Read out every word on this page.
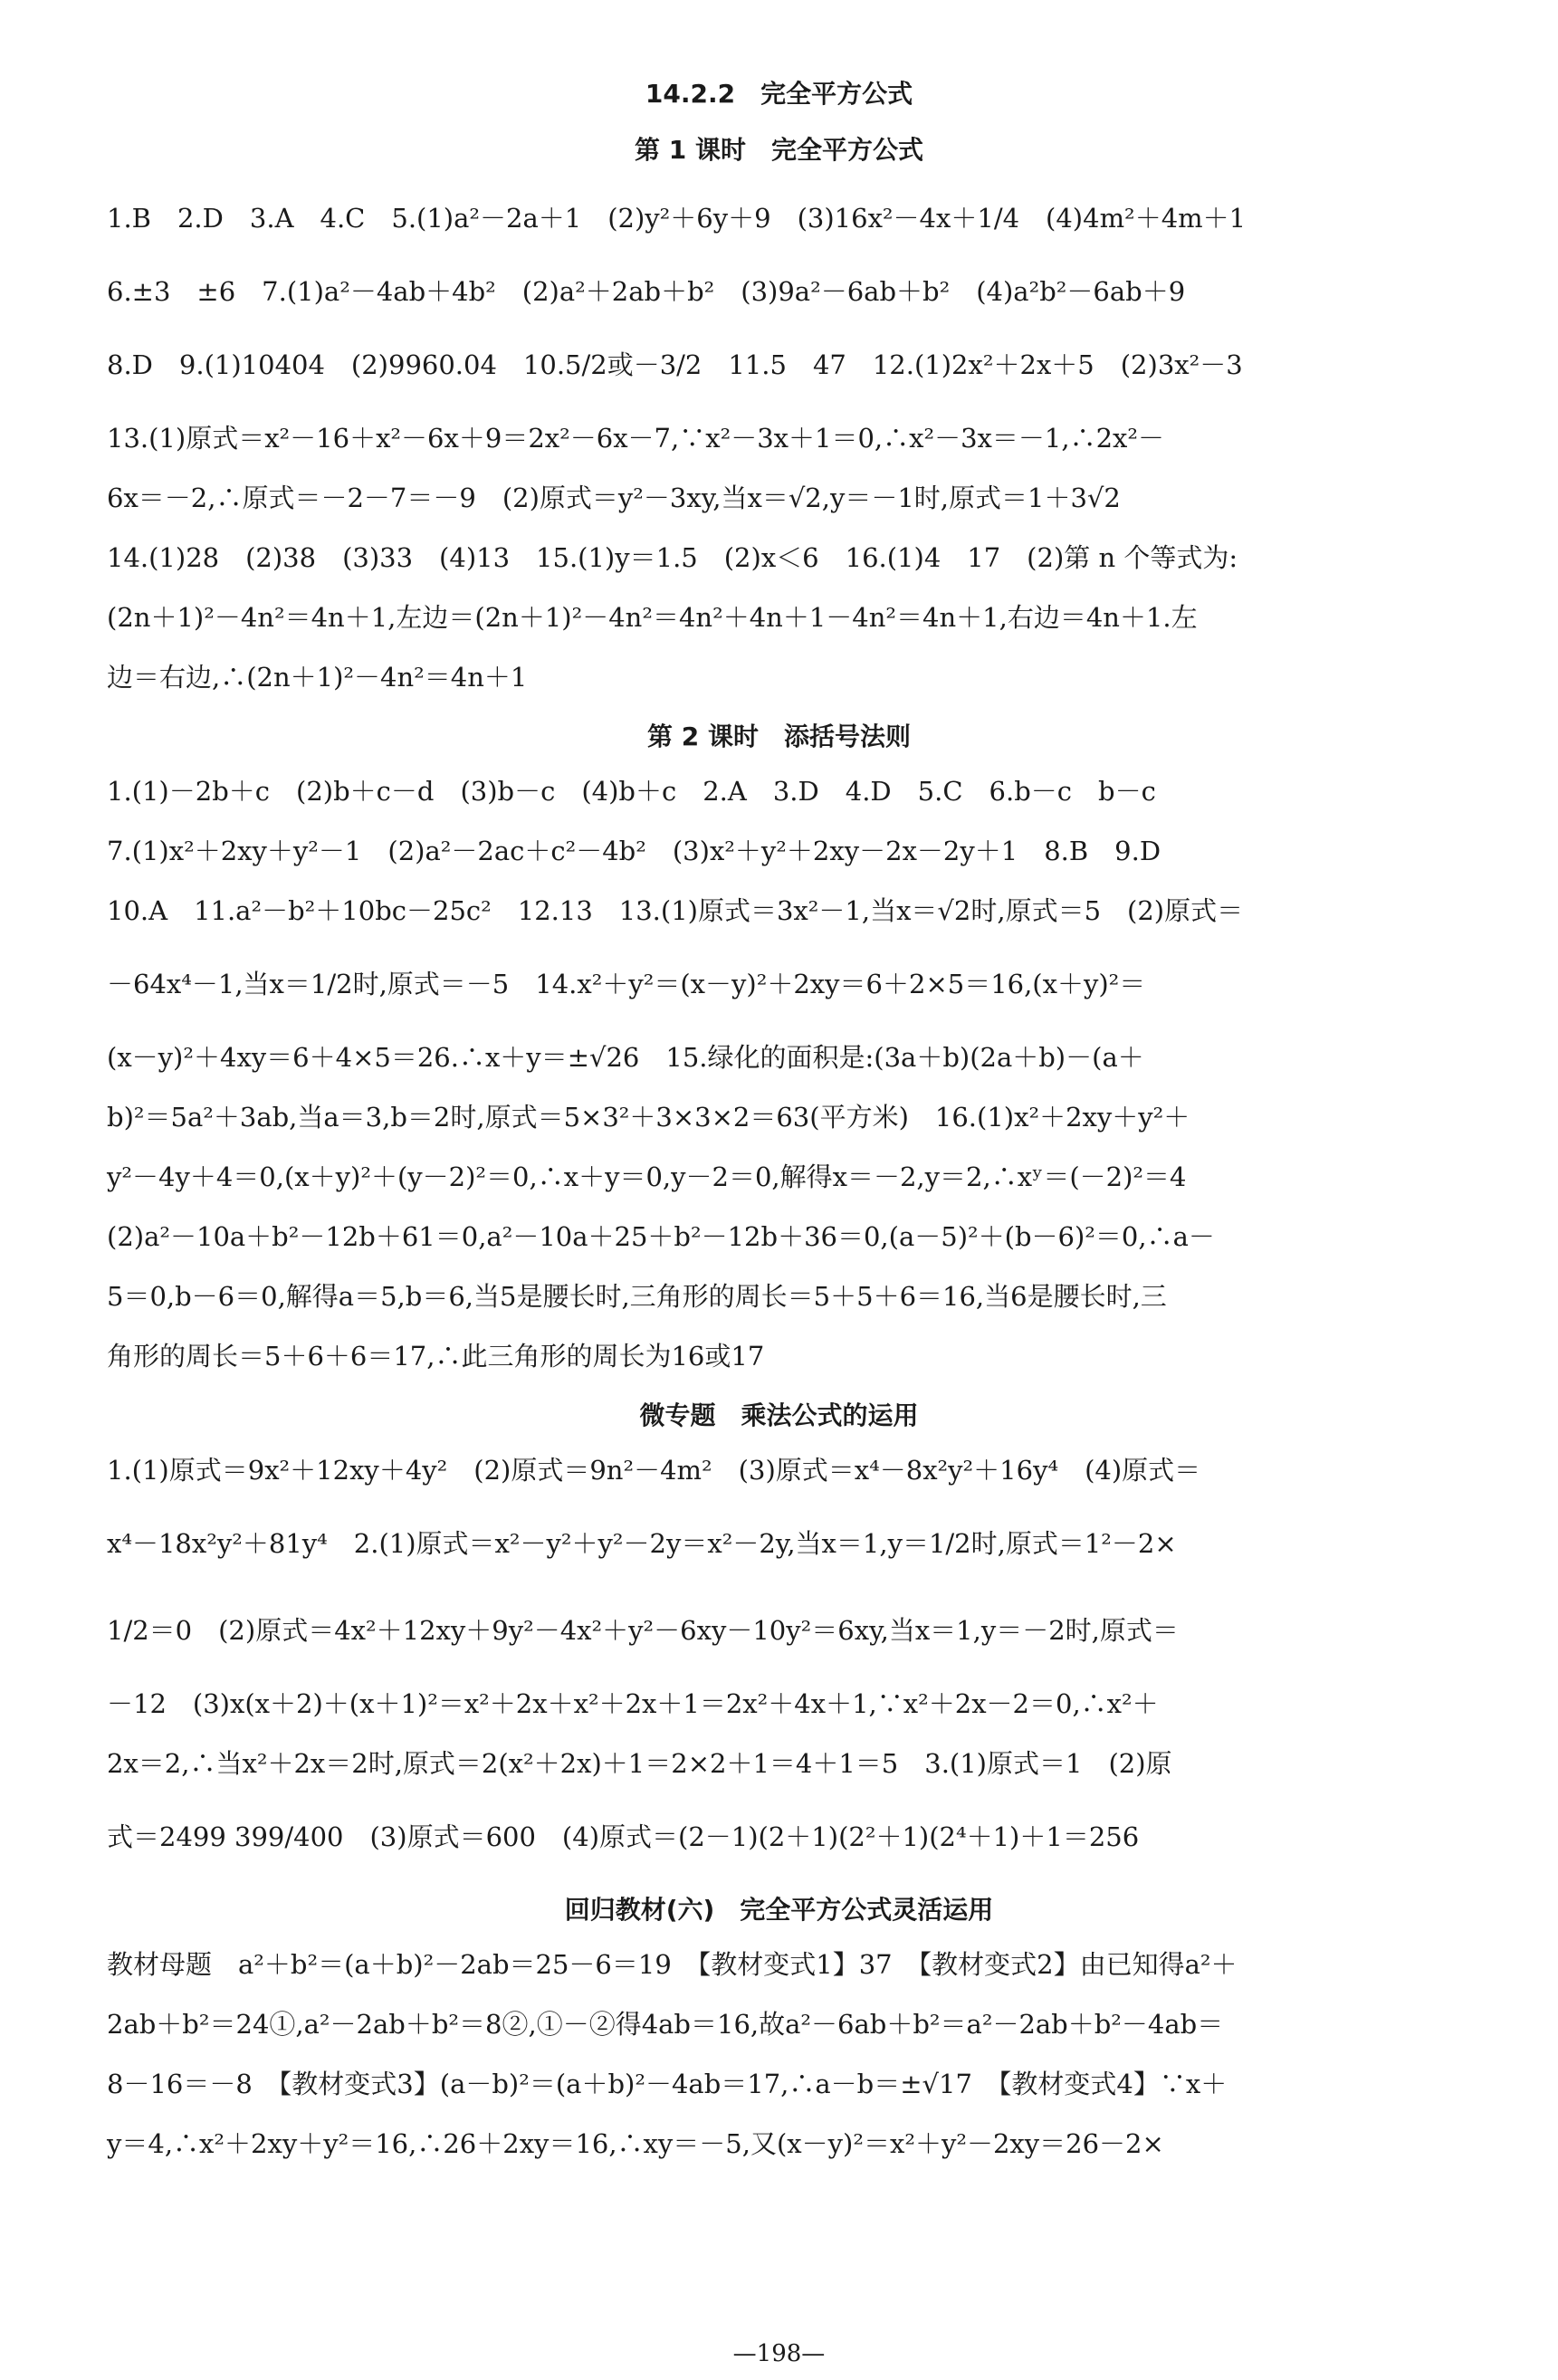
14.2.2　完全平方公式
第 1 课时　完全平方公式

1.B　2.D　3.A　4.C　5.(1)a²－2a＋1　(2)y²＋6y＋9　(3)16x²－4x＋1/4　(4)4m²＋4m＋1

6.±3　±6　7.(1)a²－4ab＋4b²　(2)a²＋2ab＋b²　(3)9a²－6ab＋b²　(4)a²b²－6ab＋9

8.D　9.(1)10404　(2)9960.04　10.5/2或－3/2　11.5　47　12.(1)2x²＋2x＋5　(2)3x²－3

13.(1)原式＝x²－16＋x²－6x＋9＝2x²－6x－7,∵x²－3x＋1＝0,∴x²－3x＝－1,∴2x²－

6x＝－2,∴原式＝－2－7＝－9　(2)原式＝y²－3xy,当x＝√2,y＝－1时,原式＝1＋3√2

14.(1)28　(2)38　(3)33　(4)13　15.(1)y＝1.5　(2)x＜6　16.(1)4　17　(2)第 n 个等式为:

(2n＋1)²－4n²＝4n＋1,左边＝(2n＋1)²－4n²＝4n²＋4n＋1－4n²＝4n＋1,右边＝4n＋1.左

边＝右边,∴(2n＋1)²－4n²＝4n＋1

第 2 课时　添括号法则

1.(1)－2b＋c　(2)b＋c－d　(3)b－c　(4)b＋c　2.A　3.D　4.D　5.C　6.b－c　b－c

7.(1)x²＋2xy＋y²－1　(2)a²－2ac＋c²－4b²　(3)x²＋y²＋2xy－2x－2y＋1　8.B　9.D

10.A　11.a²－b²＋10bc－25c²　12.13　13.(1)原式＝3x²－1,当x＝√2时,原式＝5　(2)原式＝

－64x⁴－1,当x＝1/2时,原式＝－5　14.x²＋y²＝(x－y)²＋2xy＝6＋2×5＝16,(x＋y)²＝

(x－y)²＋4xy＝6＋4×5＝26.∴x＋y＝±√26　15.绿化的面积是:(3a＋b)(2a＋b)－(a＋

b)²＝5a²＋3ab,当a＝3,b＝2时,原式＝5×3²＋3×3×2＝63(平方米)　16.(1)x²＋2xy＋y²＋

y²－4y＋4＝0,(x＋y)²＋(y－2)²＝0,∴x＋y＝0,y－2＝0,解得x＝－2,y＝2,∴xʸ＝(－2)²＝4

(2)a²－10a＋b²－12b＋61＝0,a²－10a＋25＋b²－12b＋36＝0,(a－5)²＋(b－6)²＝0,∴a－

5＝0,b－6＝0,解得a＝5,b＝6,当5是腰长时,三角形的周长＝5＋5＋6＝16,当6是腰长时,三

角形的周长＝5＋6＋6＝17,∴此三角形的周长为16或17

微专题　乘法公式的运用

1.(1)原式＝9x²＋12xy＋4y²　(2)原式＝9n²－4m²　(3)原式＝x⁴－8x²y²＋16y⁴　(4)原式＝

x⁴－18x²y²＋81y⁴　2.(1)原式＝x²－y²＋y²－2y＝x²－2y,当x＝1,y＝1/2时,原式＝1²－2×

1/2＝0　(2)原式＝4x²＋12xy＋9y²－4x²＋y²－6xy－10y²＝6xy,当x＝1,y＝－2时,原式＝

－12　(3)x(x＋2)＋(x＋1)²＝x²＋2x＋x²＋2x＋1＝2x²＋4x＋1,∵x²＋2x－2＝0,∴x²＋

2x＝2,∴当x²＋2x＝2时,原式＝2(x²＋2x)＋1＝2×2＋1＝4＋1＝5　3.(1)原式＝1　(2)原

式＝2499 399/400　(3)原式＝600　(4)原式＝(2－1)(2＋1)(2²＋1)(2⁴＋1)＋1＝256

回归教材(六)　完全平方公式灵活运用

教材母题　a²＋b²＝(a＋b)²－2ab＝25－6＝19　【教材变式1】37　【教材变式2】由已知得a²＋

2ab＋b²＝24①,a²－2ab＋b²＝8②,①－②得4ab＝16,故a²－6ab＋b²＝a²－2ab＋b²－4ab＝

8－16＝－8　【教材变式3】(a－b)²＝(a＋b)²－4ab＝17,∴a－b＝±√17　【教材变式4】∵x＋

y＝4,∴x²＋2xy＋y²＝16,∴26＋2xy＝16,∴xy＝－5,又(x－y)²＝x²＋y²－2xy＝26－2×

—198—
